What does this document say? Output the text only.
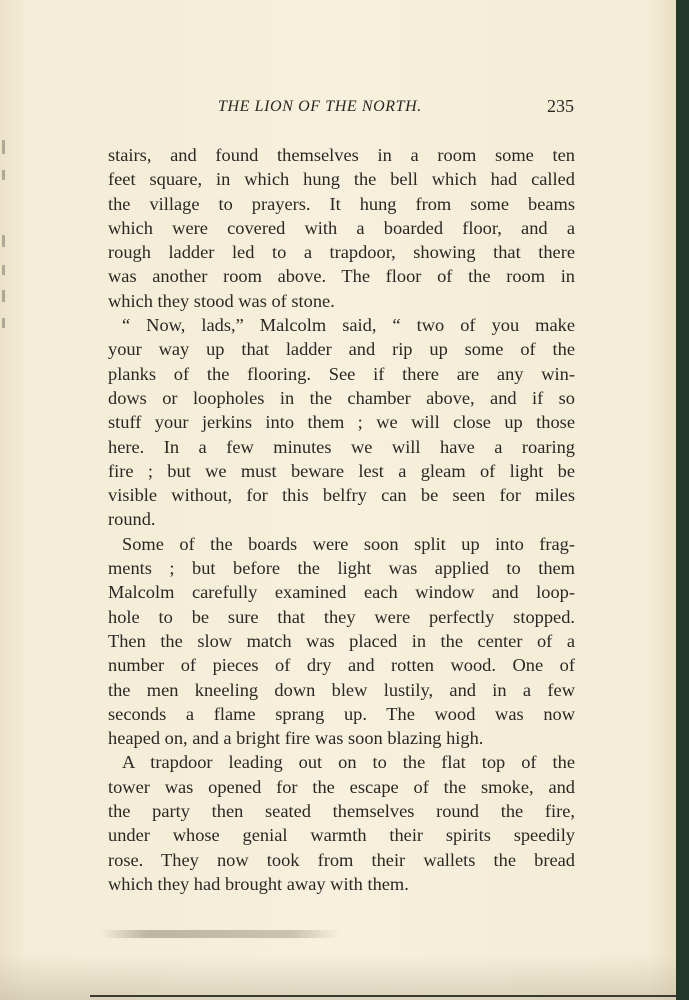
THE LION OF THE NORTH.	235
stairs, and found themselves in a room some ten
feet square, in which hung the bell which had called
the village to prayers. It hung from some beams
which were covered with a boarded floor, and a
rough ladder led to a trapdoor, showing that there
was another room above. The floor of the room in
which they stood was of stone.
“ Now, lads,” Malcolm said, “ two of you make
your way up that ladder and rip up some of the
planks of the flooring. See if there are any win-
dows or loopholes in the chamber above, and if so
stuff your jerkins into them ; we will close up those
here. In a few minutes we will have a roaring
fire ; but we must beware lest a gleam of light be
visible without, for this belfry can be seen for miles
round.
Some of the boards were soon split up into frag-
ments ; but before the light was applied to them
Malcolm carefully examined each window and loop-
hole to be sure that they were perfectly stopped.
Then the slow match was placed in the center of a
number of pieces of dry and rotten wood. One of
the men kneeling down blew lustily, and in a few
seconds a flame sprang up. The wood was now
heaped on, and a bright fire was soon blazing high.
A trapdoor leading out on to the flat top of the
tower was opened for the escape of the smoke, and
the party then seated themselves round the fire,
under whose genial warmth their spirits speedily
rose. They now took from their wallets the bread
which they had brought away with them.
